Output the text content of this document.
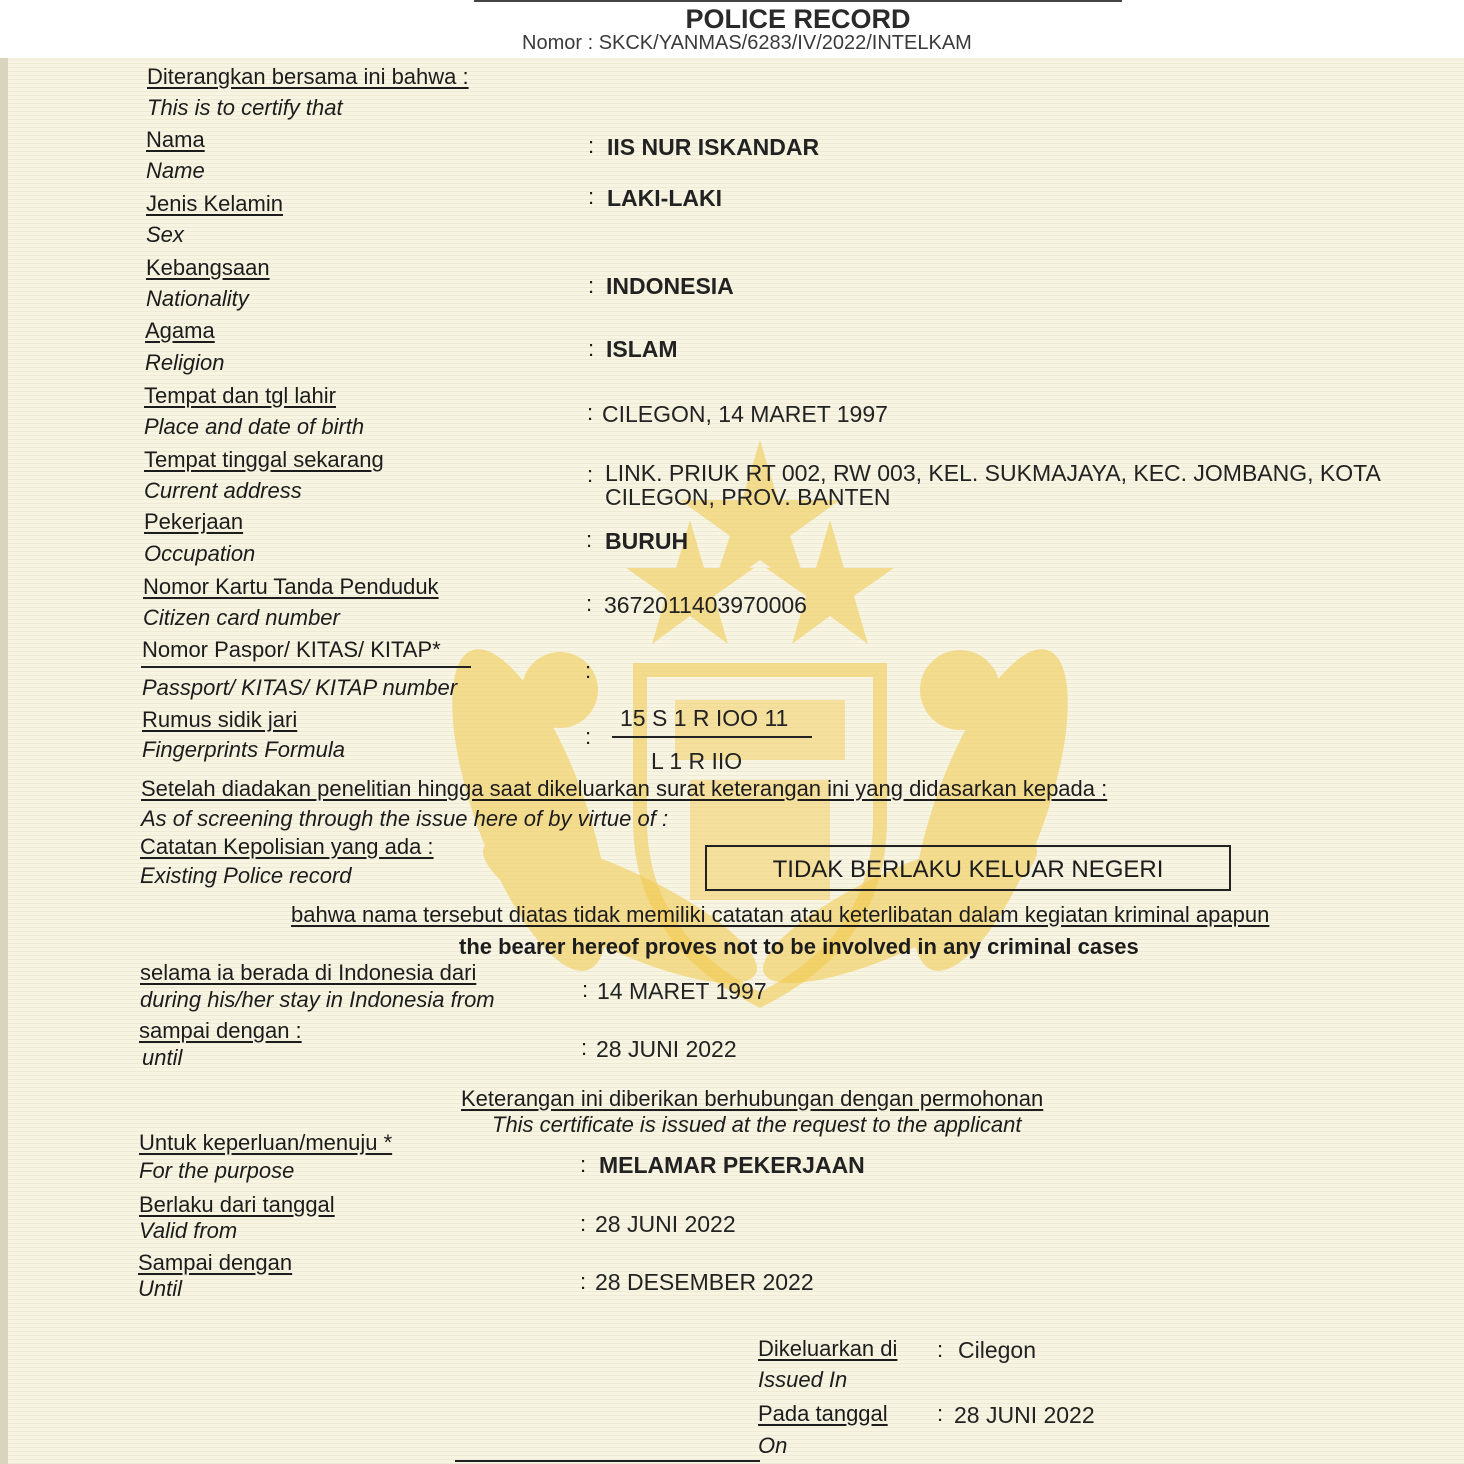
POLICE RECORD
Nomor : SKCK/YANMAS/6283/IV/2022/INTELKAM
Diterangkan bersama ini bahwa :
This is to certify that
Nama
Name
: IIS NUR ISKANDAR
Jenis Kelamin
Sex
: LAKI-LAKI
Kebangsaan
Nationality
: INDONESIA
Agama
Religion
: ISLAM
Tempat dan tgl lahir
Place and date of birth
: CILEGON, 14 MARET 1997
Tempat tinggal sekarang
Current address
: LINK. PRIUK RT 002, RW 003, KEL. SUKMAJAYA, KEC. JOMBANG, KOTA
CILEGON, PROV. BANTEN
Pekerjaan
Occupation
: BURUH
Nomor Kartu Tanda Penduduk
Citizen card number
: 3672011403970006
Nomor Paspor/ KITAS/ KITAP*
Passport/ KITAS/ KITAP number
:
Rumus sidik jari
Fingerprints Formula
:
15 S 1 R IOO 11
L 1 R IIO
Setelah diadakan penelitian hingga saat dikeluarkan surat keterangan ini yang didasarkan kepada :
As of screening through the issue here of by virtue of :
Catatan Kepolisian yang ada :
Existing Police record	TIDAK BERLAKU KELUAR NEGERI
bahwa nama tersebut diatas tidak memiliki catatan atau keterlibatan dalam kegiatan kriminal apapun
the bearer hereof proves not to be involved in any criminal cases
selama ia berada di Indonesia dari
during his/her stay in Indonesia from	: 14 MARET 1997
sampai dengan :
until	: 28 JUNI 2022
Keterangan ini diberikan berhubungan dengan permohonan
This certificate is issued at the request to the applicant
Untuk keperluan/menuju *
For the purpose	: MELAMAR PEKERJAAN
Berlaku dari tanggal
Valid from	: 28 JUNI 2022
Sampai dengan
Until	: 28 DESEMBER 2022
Dikeluarkan di
Issued In
: Cilegon
Pada tanggal
On
: 28 JUNI 2022
